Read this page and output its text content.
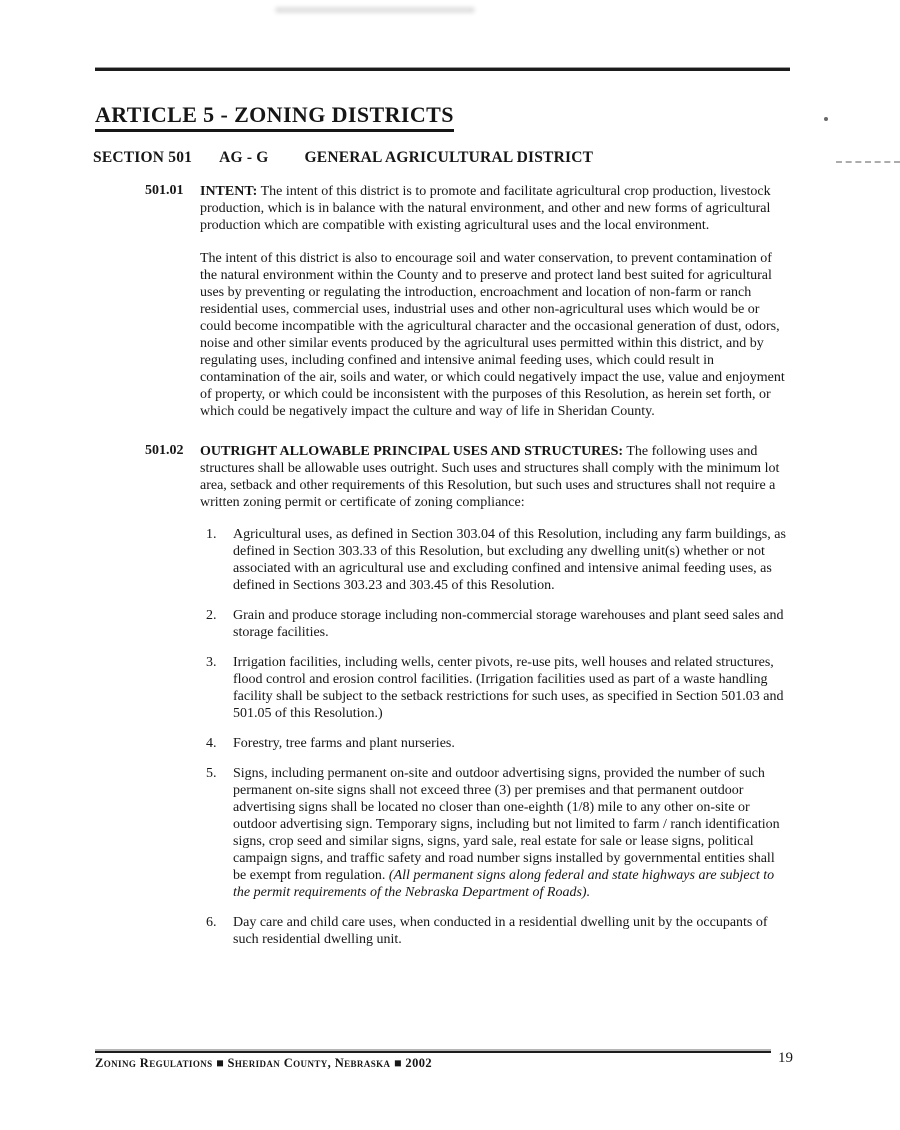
ARTICLE 5 - ZONING DISTRICTS
SECTION 501 AG - G GENERAL AGRICULTURAL DISTRICT
501.01 INTENT: The intent of this district is to promote and facilitate agricultural crop production, livestock production, which is in balance with the natural environment, and other and new forms of agricultural production which are compatible with existing agricultural uses and the local environment.

The intent of this district is also to encourage soil and water conservation, to prevent contamination of the natural environment within the County and to preserve and protect land best suited for agricultural uses by preventing or regulating the introduction, encroachment and location of non-farm or ranch residential uses, commercial uses, industrial uses and other non-agricultural uses which would be or could become incompatible with the agricultural character and the occasional generation of dust, odors, noise and other similar events produced by the agricultural uses permitted within this district, and by regulating uses, including confined and intensive animal feeding uses, which could result in contamination of the air, soils and water, or which could negatively impact the use, value and enjoyment of property, or which could be inconsistent with the purposes of this Resolution, as herein set forth, or which could be negatively impact the culture and way of life in Sheridan County.

501.02 OUTRIGHT ALLOWABLE PRINCIPAL USES AND STRUCTURES: The following uses and structures shall be allowable uses outright. Such uses and structures shall comply with the minimum lot area, setback and other requirements of this Resolution, but such uses and structures shall not require a written zoning permit or certificate of zoning compliance:

1.	Agricultural uses, as defined in Section 303.04 of this Resolution, including any farm buildings, as defined in Section 303.33 of this Resolution, but excluding any dwelling unit(s) whether or not associated with an agricultural use and excluding confined and intensive animal feeding uses, as defined in Sections 303.23 and 303.45 of this Resolution.
2.	Grain and produce storage including non-commercial storage warehouses and plant seed sales and storage facilities.
3.	Irrigation facilities, including wells, center pivots, re-use pits, well houses and related structures, flood control and erosion control facilities. (Irrigation facilities used as part of a waste handling facility shall be subject to the setback restrictions for such uses, as specified in Section 501.03 and 501.05 of this Resolution.)
4.	Forestry, tree farms and plant nurseries.
5.	Signs, including permanent on-site and outdoor advertising signs, provided the number of such permanent on-site signs shall not exceed three (3) per premises and that permanent outdoor advertising signs shall be located no closer than one-eighth (1/8) mile to any other on-site or outdoor advertising sign. Temporary signs, including but not limited to farm / ranch identification signs, crop seed and similar signs, signs, yard sale, real estate for sale or lease signs, political campaign signs, and traffic safety and road number signs installed by governmental entities shall be exempt from regulation. (All permanent signs along federal and state highways are subject to the permit requirements of the Nebraska Department of Roads).
6.	Day care and child care uses, when conducted in a residential dwelling unit by the occupants of such residential dwelling unit.
Zoning Regulations ■ Sheridan County, Nebraska ■ 2002	19
